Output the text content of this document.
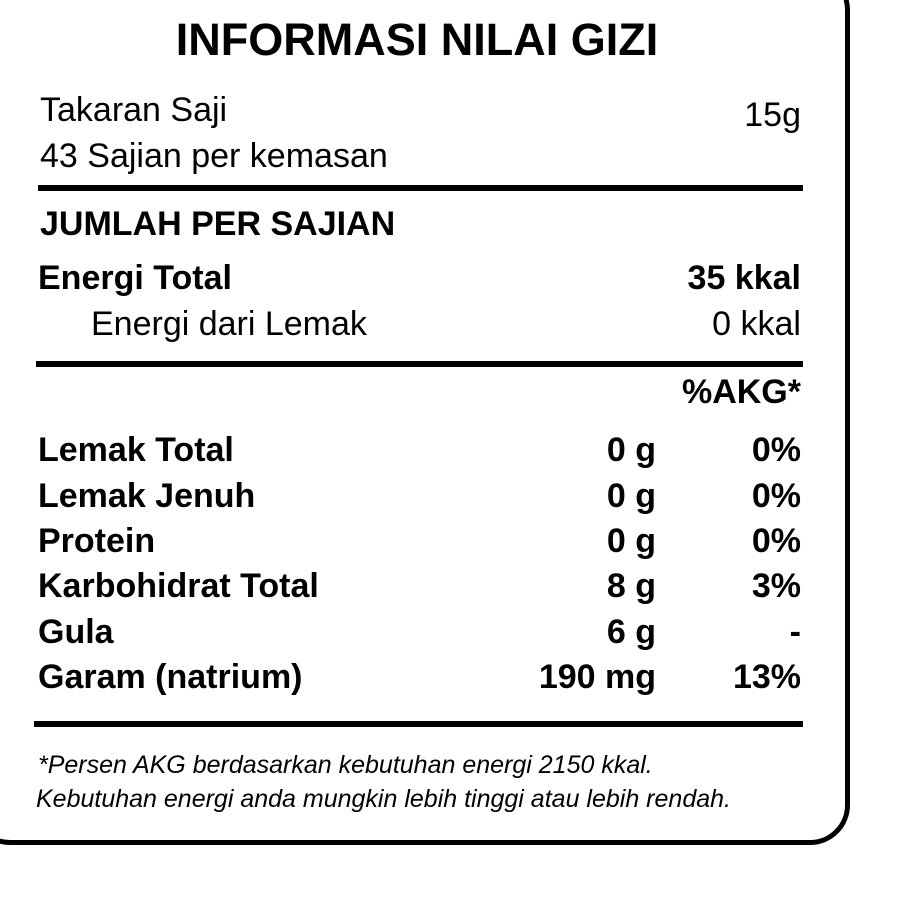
INFORMASI NILAI GIZI
Takaran Saji	15g
43 Sajian per kemasan
JUMLAH PER SAJIAN
Energi Total	35 kkal
Energi dari Lemak	0 kkal
%AKG*
Lemak Total	0 g	0%
Lemak Jenuh	0 g	0%
Protein	0 g	0%
Karbohidrat Total	8 g	3%
Gula	6 g	-
Garam (natrium)	190 mg 13%
*Persen AKG berdasarkan kebutuhan energi 2150 kkal.
Kebutuhan energi anda mungkin lebih tinggi atau lebih rendah.
